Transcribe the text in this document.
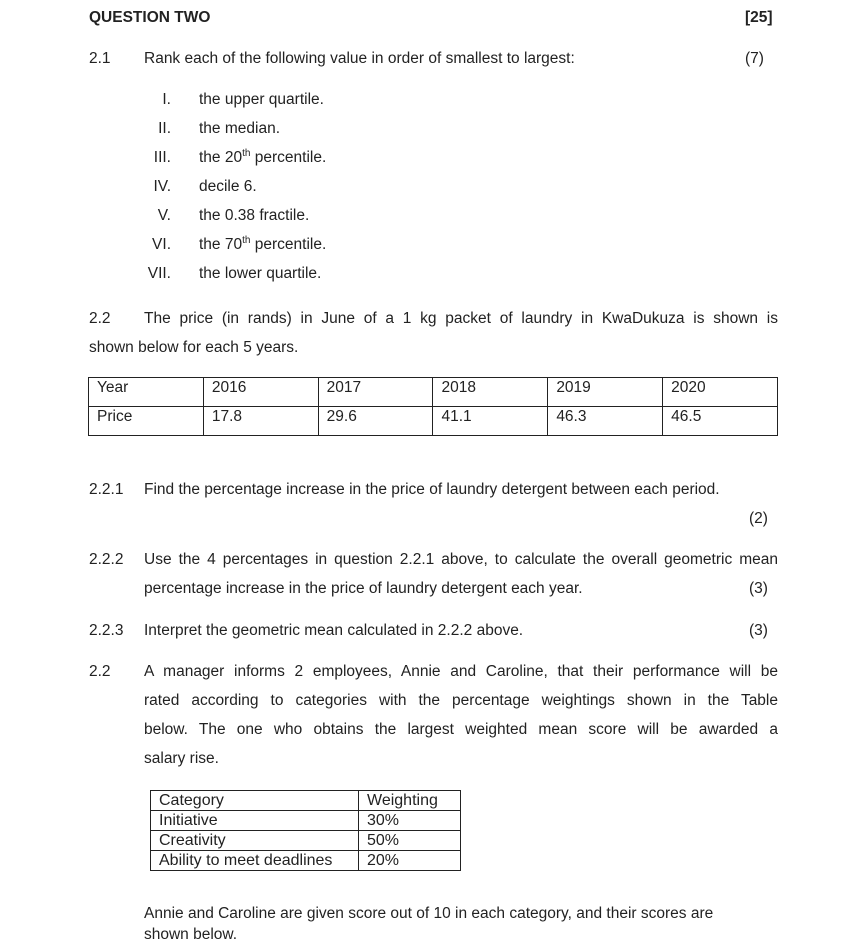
QUESTION TWO	[25]
2.1 Rank each of the following value in order of smallest to largest:	(7)
I. the upper quartile.
II. the median.
III. the 20th percentile.
IV. decile 6.
V. the 0.38 fractile.
VI. the 70th percentile.
VII. the lower quartile.
2.2 The price (in rands) in June of a 1 kg packet of laundry in KwaDukuza is shown is
shown below for each 5 years.
Year	2016	2017	2018	2019	2020
Price	17.8	29.6	41.1	46.3	46.5
2.2.1 Find the percentage increase in the price of laundry detergent between each period.
(2)
2.2.2 Use the 4 percentages in question 2.2.1 above, to calculate the overall geometric mean
percentage increase in the price of laundry detergent each year.	(3)
2.2.3 Interpret the geometric mean calculated in 2.2.2 above.	(3)
2.2 A manager informs 2 employees, Annie and Caroline, that their performance will be
rated according to categories with the percentage weightings shown in the Table
below. The one who obtains the largest weighted mean score will be awarded a
salary rise.
Category	Weighting
Initiative	30%
Creativity	50%
Ability to meet deadlines	20%
Annie and Caroline are given score out of 10 in each category, and their scores are
shown below.
